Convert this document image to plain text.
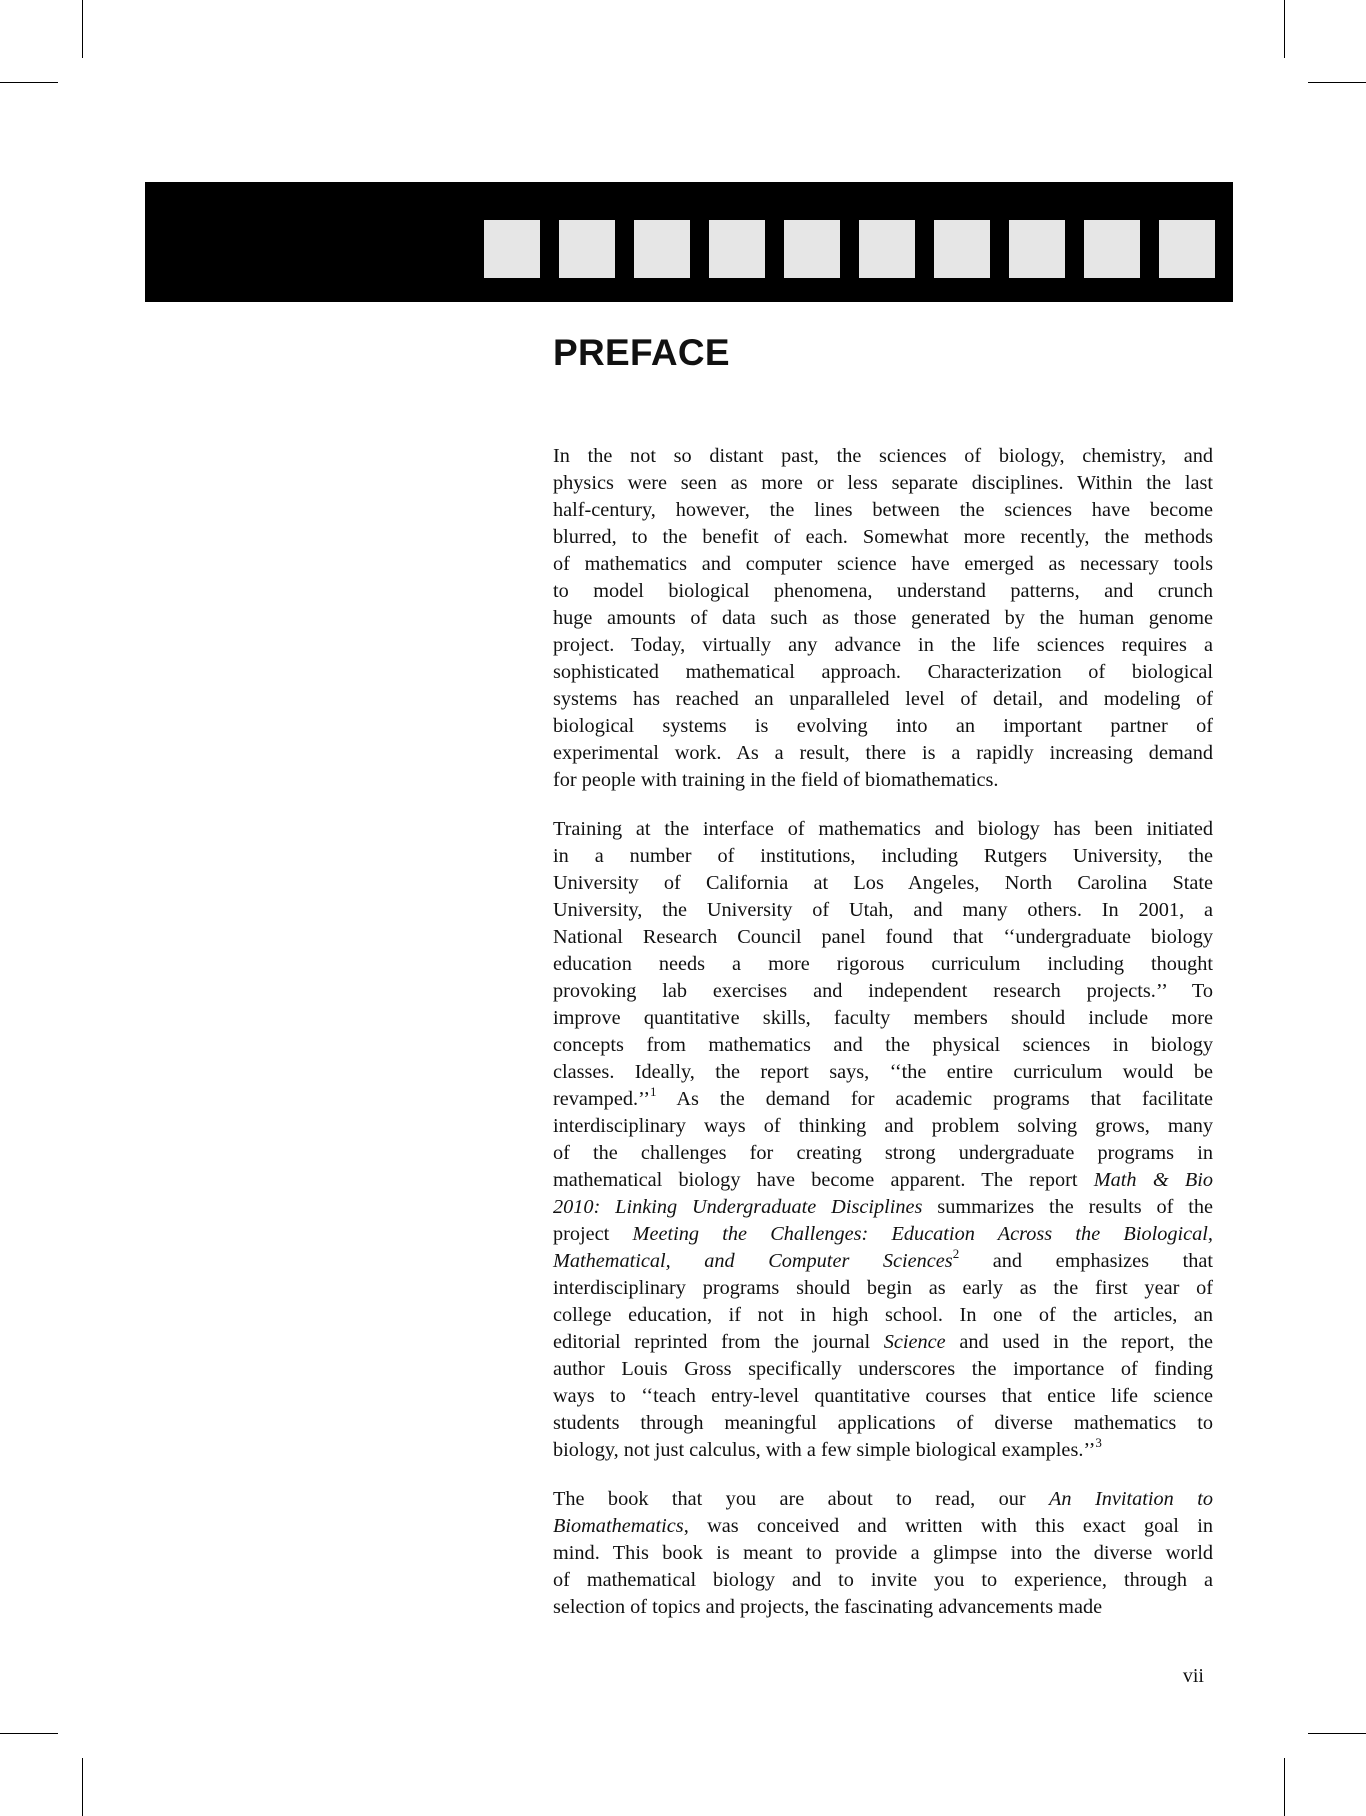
PREFACE

In the not so distant past, the sciences of biology, chemistry, and
physics were seen as more or less separate disciplines. Within the last
half-century, however, the lines between the sciences have become
blurred, to the benefit of each. Somewhat more recently, the methods
of mathematics and computer science have emerged as necessary tools
to model biological phenomena, understand patterns, and crunch
huge amounts of data such as those generated by the human genome
project. Today, virtually any advance in the life sciences requires a
sophisticated mathematical approach. Characterization of biological
systems has reached an unparalleled level of detail, and modeling of
biological systems is evolving into an important partner of
experimental work. As a result, there is a rapidly increasing demand
for people with training in the field of biomathematics.

Training at the interface of mathematics and biology has been initiated
in a number of institutions, including Rutgers University, the
University of California at Los Angeles, North Carolina State
University, the University of Utah, and many others. In 2001, a
National Research Council panel found that ‘‘undergraduate biology
education needs a more rigorous curriculum including thought
provoking lab exercises and independent research projects.’’ To
improve quantitative skills, faculty members should include more
concepts from mathematics and the physical sciences in biology
classes. Ideally, the report says, ‘‘the entire curriculum would be
revamped.’’$^1$ As the demand for academic programs that facilitate
interdisciplinary ways of thinking and problem solving grows, many
of the challenges for creating strong undergraduate programs in
mathematical biology have become apparent. The report Math & Bio
2010: Linking Undergraduate Disciplines summarizes the results of the
project Meeting the Challenges: Education Across the Biological,
Mathematical, and Computer Sciences$^2$ and emphasizes that
interdisciplinary programs should begin as early as the first year of
college education, if not in high school. In one of the articles, an
editorial reprinted from the journal Science and used in the report, the
author Louis Gross specifically underscores the importance of finding
ways to ‘‘teach entry-level quantitative courses that entice life science
students through meaningful applications of diverse mathematics to
biology, not just calculus, with a few simple biological examples.’’$^3$

The book that you are about to read, our An Invitation to
Biomathematics, was conceived and written with this exact goal in
mind. This book is meant to provide a glimpse into the diverse world
of mathematical biology and to invite you to experience, through a
selection of topics and projects, the fascinating advancements made

vii
